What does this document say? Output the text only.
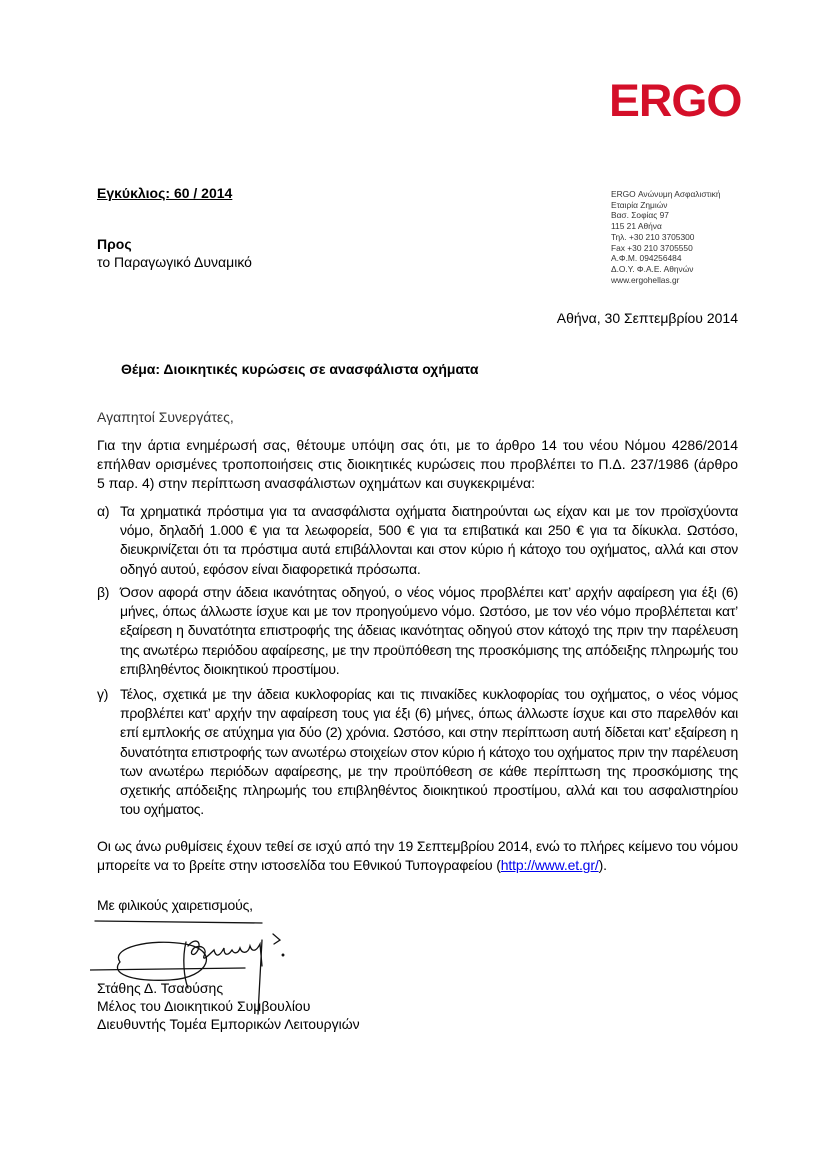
ERGO
Εγκύκλιος: 60 / 2014
Προς
το Παραγωγικό Δυναμικό
ERGO Ανώνυμη Ασφαλιστική
Εταιρία Ζημιών
Βασ. Σοφίας 97
115 21 Αθήνα
Τηλ. +30 210 3705300
Fax +30 210 3705550
Α.Φ.Μ. 094256484
Δ.Ο.Υ. Φ.Α.Ε. Αθηνών
www.ergohellas.gr
Αθήνα, 30 Σεπτεμβρίου 2014
Θέμα: Διοικητικές κυρώσεις σε ανασφάλιστα οχήματα
Αγαπητοί Συνεργάτες,
Για την άρτια ενημέρωσή σας, θέτουμε υπόψη σας ότι, με το άρθρο 14 του νέου Νόμου 4286/2014 επήλθαν ορισμένες τροποποιήσεις στις διοικητικές κυρώσεις που προβλέπει το Π.Δ. 237/1986 (άρθρο 5 παρ. 4) στην περίπτωση ανασφάλιστων οχημάτων και συγκεκριμένα:
α) Τα χρηματικά πρόστιμα για τα ανασφάλιστα οχήματα διατηρούνται ως είχαν και με τον προϊσχύοντα νόμο, δηλαδή 1.000 € για τα λεωφορεία, 500 € για τα επιβατικά και 250 € για τα δίκυκλα. Ωστόσο, διευκρινίζεται ότι τα πρόστιμα αυτά επιβάλλονται και στον κύριο ή κάτοχο του οχήματος, αλλά και στον οδηγό αυτού, εφόσον είναι διαφορετικά πρόσωπα.
β) Όσον αφορά στην άδεια ικανότητας οδηγού, ο νέος νόμος προβλέπει κατ’ αρχήν αφαίρεση για έξι (6) μήνες, όπως άλλωστε ίσχυε και με τον προηγούμενο νόμο. Ωστόσο, με τον νέο νόμο προβλέπεται κατ’ εξαίρεση η δυνατότητα επιστροφής της άδειας ικανότητας οδηγού στον κάτοχό της πριν την παρέλευση της ανωτέρω περιόδου αφαίρεσης, με την προϋπόθεση της προσκόμισης της απόδειξης πληρωμής του επιβληθέντος διοικητικού προστίμου.
γ) Τέλος, σχετικά με την άδεια κυκλοφορίας και τις πινακίδες κυκλοφορίας του οχήματος, ο νέος νόμος προβλέπει κατ’ αρχήν την αφαίρεση τους για έξι (6) μήνες, όπως άλλωστε ίσχυε και στο παρελθόν και επί εμπλοκής σε ατύχημα για δύο (2) χρόνια. Ωστόσο, και στην περίπτωση αυτή δίδεται κατ’ εξαίρεση η δυνατότητα επιστροφής των ανωτέρω στοιχείων στον κύριο ή κάτοχο του οχήματος πριν την παρέλευση των ανωτέρω περιόδων αφαίρεσης, με την προϋπόθεση σε κάθε περίπτωση της προσκόμισης της σχετικής απόδειξης πληρωμής του επιβληθέντος διοικητικού προστίμου, αλλά και του ασφαλιστηρίου του οχήματος.
Οι ως άνω ρυθμίσεις έχουν τεθεί σε ισχύ από την 19 Σεπτεμβρίου 2014, ενώ το πλήρες κείμενο του νόμου μπορείτε να το βρείτε στην ιστοσελίδα του Εθνικού Τυπογραφείου (http://www.et.gr/).
Με φιλικούς χαιρετισμούς,
Στάθης Δ. Τσαούσης
Μέλος του Διοικητικού Συμβουλίου
Διευθυντής Τομέα Εμπορικών Λειτουργιών
